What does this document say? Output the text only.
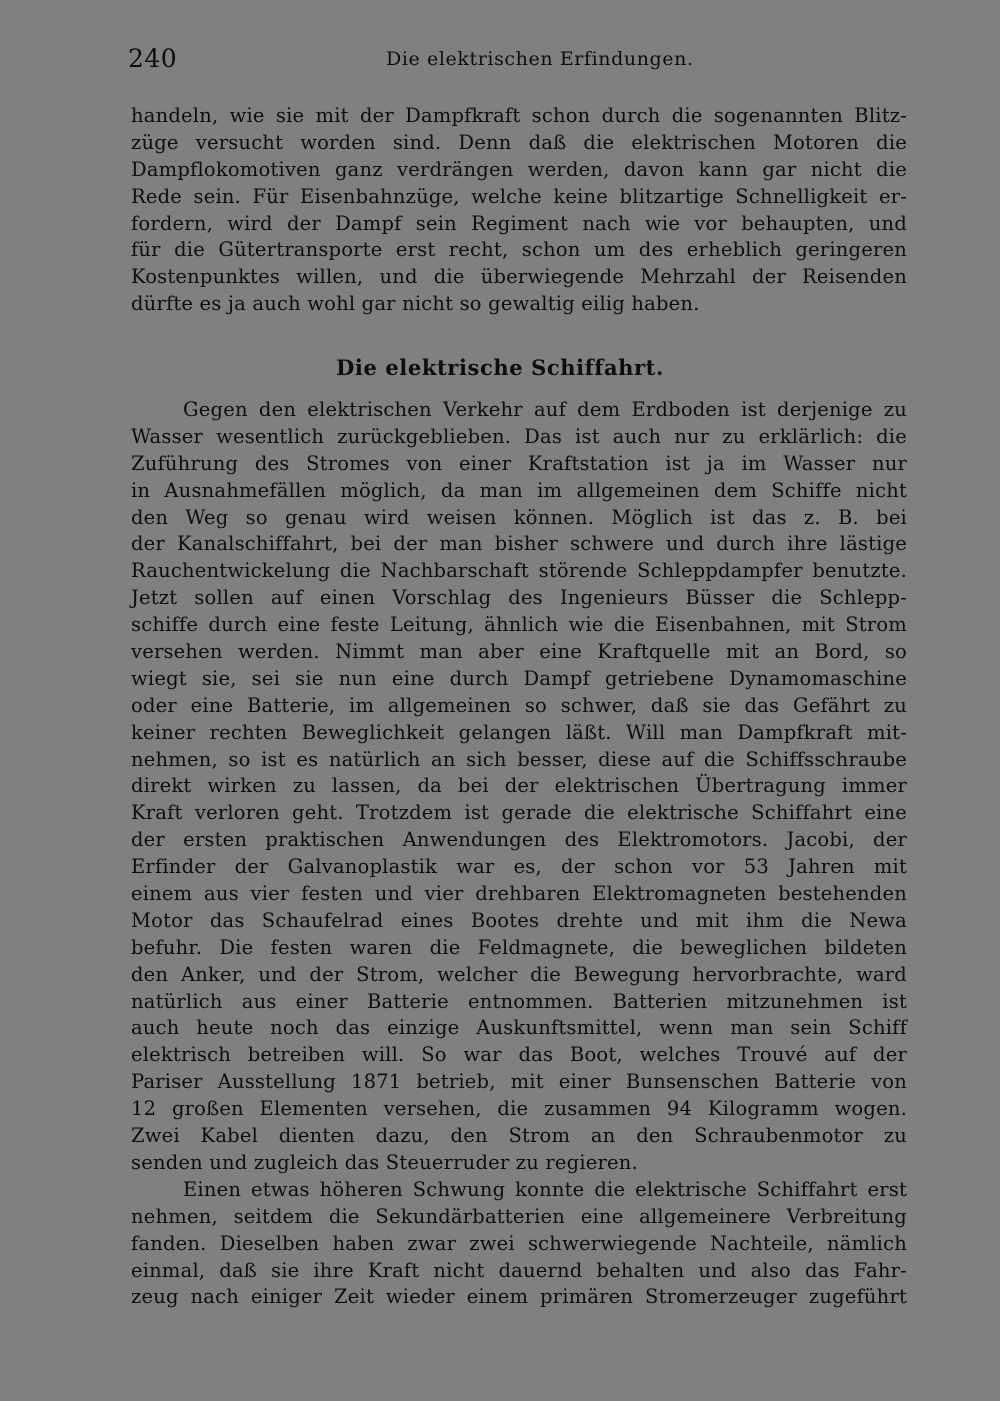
240	Die elektrischen Erfindungen.
handeln, wie sie mit der Dampfkraft schon durch die sogenannten Blitz-
züge versucht worden sind. Denn daß die elektrischen Motoren die
Dampflokomotiven ganz verdrängen werden, davon kann gar nicht die
Rede sein. Für Eisenbahnzüge, welche keine blitzartige Schnelligkeit er-
fordern, wird der Dampf sein Regiment nach wie vor behaupten, und
für die Gütertransporte erst recht, schon um des erheblich geringeren
Kostenpunktes willen, und die überwiegende Mehrzahl der Reisenden
dürfte es ja auch wohl gar nicht so gewaltig eilig haben.
Die elektrische Schiffahrt.
Gegen den elektrischen Verkehr auf dem Erdboden ist derjenige zu
Wasser wesentlich zurückgeblieben. Das ist auch nur zu erklärlich: die
Zuführung des Stromes von einer Kraftstation ist ja im Wasser nur
in Ausnahmefällen möglich, da man im allgemeinen dem Schiffe nicht
den Weg so genau wird weisen können. Möglich ist das z. B. bei
der Kanalschiffahrt, bei der man bisher schwere und durch ihre lästige
Rauchentwickelung die Nachbarschaft störende Schleppdampfer benutzte.
Jetzt sollen auf einen Vorschlag des Ingenieurs Büsser die Schlepp-
schiffe durch eine feste Leitung, ähnlich wie die Eisenbahnen, mit Strom
versehen werden. Nimmt man aber eine Kraftquelle mit an Bord, so
wiegt sie, sei sie nun eine durch Dampf getriebene Dynamomaschine
oder eine Batterie, im allgemeinen so schwer, daß sie das Gefährt zu
keiner rechten Beweglichkeit gelangen läßt. Will man Dampfkraft mit-
nehmen, so ist es natürlich an sich besser, diese auf die Schiffsschraube
direkt wirken zu lassen, da bei der elektrischen Übertragung immer
Kraft verloren geht. Trotzdem ist gerade die elektrische Schiffahrt eine
der ersten praktischen Anwendungen des Elektromotors. Jacobi, der
Erfinder der Galvanoplastik war es, der schon vor 53 Jahren mit
einem aus vier festen und vier drehbaren Elektromagneten bestehenden
Motor das Schaufelrad eines Bootes drehte und mit ihm die Newa
befuhr. Die festen waren die Feldmagnete, die beweglichen bildeten
den Anker, und der Strom, welcher die Bewegung hervorbrachte, ward
natürlich aus einer Batterie entnommen. Batterien mitzunehmen ist
auch heute noch das einzige Auskunftsmittel, wenn man sein Schiff
elektrisch betreiben will. So war das Boot, welches Trouvé auf der
Pariser Ausstellung 1871 betrieb, mit einer Bunsenschen Batterie von
12 großen Elementen versehen, die zusammen 94 Kilogramm wogen.
Zwei Kabel dienten dazu, den Strom an den Schraubenmotor zu
senden und zugleich das Steuerruder zu regieren.
Einen etwas höheren Schwung konnte die elektrische Schiffahrt erst
nehmen, seitdem die Sekundärbatterien eine allgemeinere Verbreitung
fanden. Dieselben haben zwar zwei schwerwiegende Nachteile, nämlich
einmal, daß sie ihre Kraft nicht dauernd behalten und also das Fahr-
zeug nach einiger Zeit wieder einem primären Stromerzeuger zugeführt
